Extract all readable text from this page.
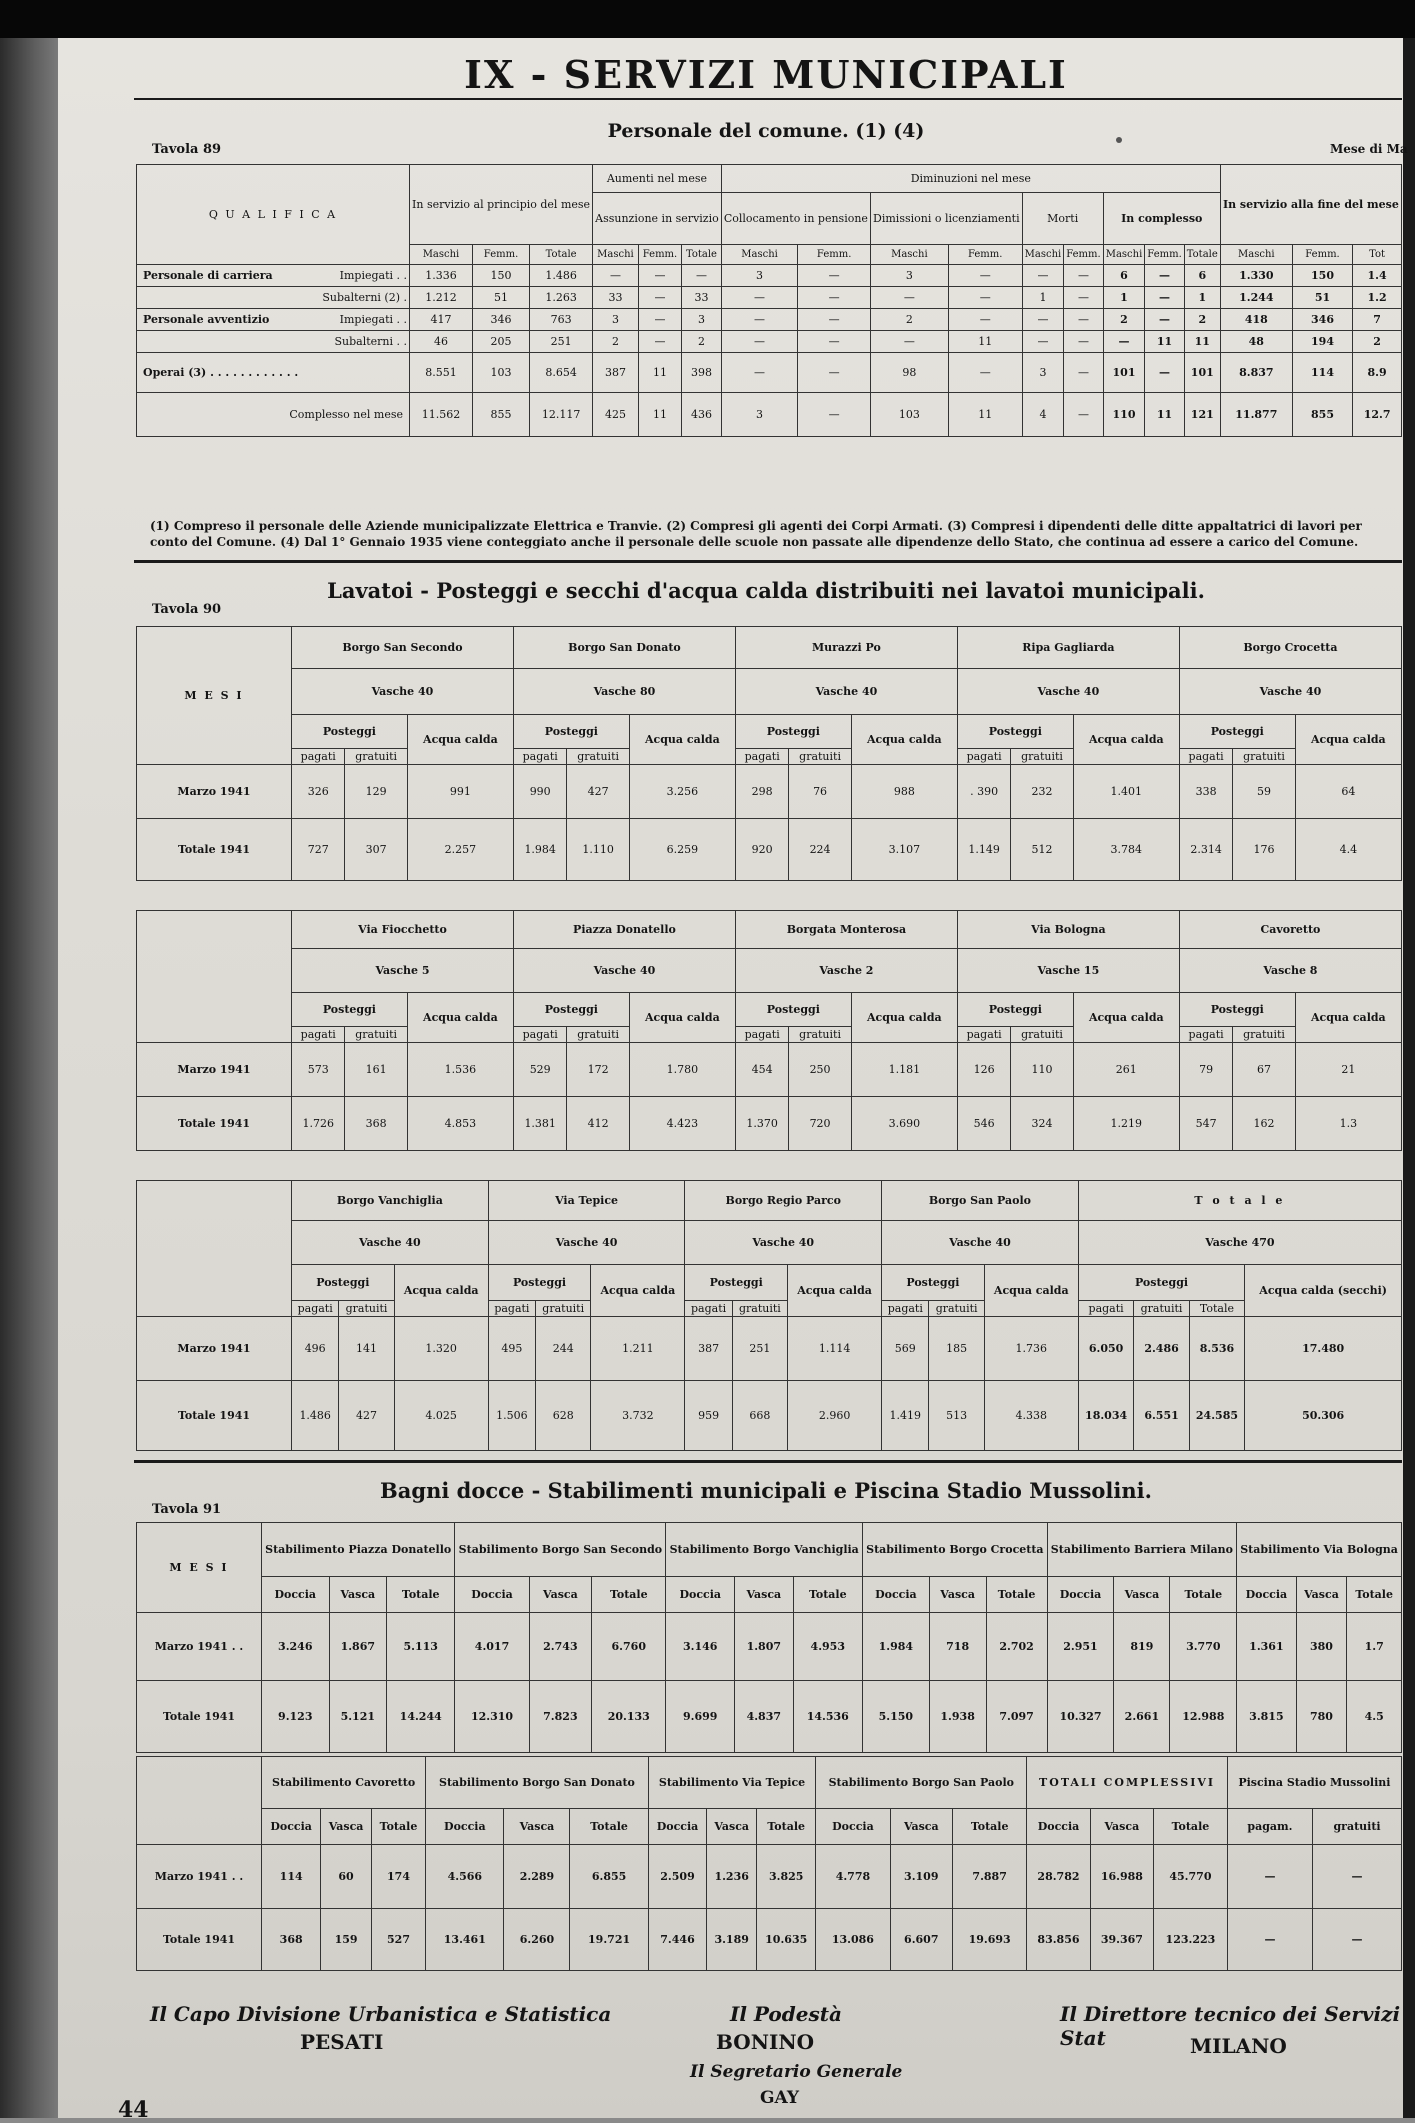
IX - SERVIZI MUNICIPALI
Tavola 89
Personale del comune. (1) (4)
Mese di Ma
Q U A L I F I C A	In servizio al principio del mese			Aumenti nel mese			Diminuzioni nel mese									In servizio alla fine del mese		
				Assunzione in servizio			Collocamento in pensione		Dimissioni o licenziamenti		Morti		In complesso					
	Maschi	Femm.	Totale	Maschi	Femm.	Totale	Maschi	Femm.	Maschi	Femm.	Maschi	Femm.	Maschi	Femm.	Totale	Maschi	Femm.	Tot

Personale di carriera Impiegati . .	1.336	150	1.486	—	—	—	3	—	3	—	—	—	6	—	6	1.330	150	1.4

Subalterni (2) .	1.212	51	1.263	33	—	33	—	—	—	—	1	—	1	—	1	1.244	51	1.2

Personale avventizio Impiegati . .	417	346	763	3	—	3	—	—	2	—	—	—	2	—	2	418	346	7

Subalterni . .	46	205	251	2	—	2	—	—	—	11	—	—	—	11	11	48	194	2
Operai (3) . . . . . . . . . . . .	8.551	103	8.654	387	11	398	—	—	98	—	3	—	101	—	101	8.837	114	8.9
Complesso nel mese	11.562	855	12.117	425	11	436	3	—	103	11	4	—	110	11	121	11.877	855	12.7
(1) Compreso il personale delle Aziende municipalizzate Elettrica e Tranvie. (2) Compresi gli agenti dei Corpi Armati. (3) Compresi i dipendenti delle ditte appaltatrici di lavori per conto del Comune. (4) Dal 1° Gennaio 1935 viene conteggiato anche il personale delle scuole non passate alle dipendenze dello Stato, che continua ad essere a carico del Comune.
Tavola 90
Lavatoi - Posteggi e secchi d'acqua calda distribuiti nei lavatoi municipali.
M E S I	Borgo San Secondo			Borgo San Donato			Murazzi Po			Ripa Gagliarda			Borgo Crocetta		
	Vasche 40			Vasche 80			Vasche 40			Vasche 40			Vasche 40		
	Posteggi		Acqua calda	Posteggi		Acqua calda	Posteggi		Acqua calda	Posteggi		Acqua calda	Posteggi		Acqua calda
	pagati	gratuiti		pagati	gratuiti		pagati	gratuiti		pagati	gratuiti		pagati	gratuiti	
Marzo 1941	326	129	991	990	427	3.256	298	76	988	. 390	232	1.401	338	59	64
Totale 1941	727	307	2.257	1.984	1.110	6.259	920	224	3.107	1.149	512	3.784	2.314	176	4.4
	Via Fiocchetto			Piazza Donatello			Borgata Monterosa			Via Bologna			Cavoretto		
	Vasche 5			Vasche 40			Vasche 2			Vasche 15			Vasche 8		
	Posteggi		Acqua calda	Posteggi		Acqua calda	Posteggi		Acqua calda	Posteggi		Acqua calda	Posteggi		Acqua calda
	pagati	gratuiti		pagati	gratuiti		pagati	gratuiti		pagati	gratuiti		pagati	gratuiti	
Marzo 1941	573	161	1.536	529	172	1.780	454	250	1.181	126	110	261	79	67	21
Totale 1941	1.726	368	4.853	1.381	412	4.423	1.370	720	3.690	546	324	1.219	547	162	1.3
	Borgo Vanchiglia			Via Tepice			Borgo Regio Parco			Borgo San Paolo			T o t a l e			
	Vasche 40			Vasche 40			Vasche 40			Vasche 40			Vasche 470			
	Posteggi		Acqua calda	Posteggi		Acqua calda	Posteggi		Acqua calda	Posteggi		Acqua calda	Posteggi			Acqua calda (secchi)
	pagati	gratuiti		pagati	gratuiti		pagati	gratuiti		pagati	gratuiti		pagati	gratuiti	Totale	
Marzo 1941	496	141	1.320	495	244	1.211	387	251	1.114	569	185	1.736	6.050	2.486	8.536	17.480
Totale 1941	1.486	427	4.025	1.506	628	3.732	959	668	2.960	1.419	513	4.338	18.034	6.551	24.585	50.306
Tavola 91
Bagni docce - Stabilimenti municipali e Piscina Stadio Mussolini.
M E S I	Stabilimento Piazza Donatello			Stabilimento Borgo San Secondo			Stabilimento Borgo Vanchiglia			Stabilimento Borgo Crocetta			Stabilimento Barriera Milano			Stabilimento Via Bologna		
	Doccia	Vasca	Totale	Doccia	Vasca	Totale	Doccia	Vasca	Totale	Doccia	Vasca	Totale	Doccia	Vasca	Totale	Doccia	Vasca	Totale
Marzo 1941 . .	3.246	1.867	5.113	4.017	2.743	6.760	3.146	1.807	4.953	1.984	718	2.702	2.951	819	3.770	1.361	380	1.7
Totale 1941	9.123	5.121	14.244	12.310	7.823	20.133	9.699	4.837	14.536	5.150	1.938	7.097	10.327	2.661	12.988	3.815	780	4.5
	Stabilimento Cavoretto			Stabilimento Borgo San Donato			Stabilimento Via Tepice			Stabilimento Borgo San Paolo			TOTALI COMPLESSIVI			Piscina Stadio Mussolini	
	Doccia	Vasca	Totale	Doccia	Vasca	Totale	Doccia	Vasca	Totale	Doccia	Vasca	Totale	Doccia	Vasca	Totale	pagam.	gratuiti
Marzo 1941 . .	114	60	174	4.566	2.289	6.855	2.509	1.236	3.825	4.778	3.109	7.887	28.782	16.988	45.770	—	—
Totale 1941	368	159	527	13.461	6.260	19.721	7.446	3.189	10.635	13.086	6.607	19.693	83.856	39.367	123.223	—	—
Il Capo Divisione Urbanistica e Statistica
PESATI
Il Podestà
BONINO
Il Segretario Generale
GAY
Il Direttore tecnico dei Servizi Stat	MILANO
44
